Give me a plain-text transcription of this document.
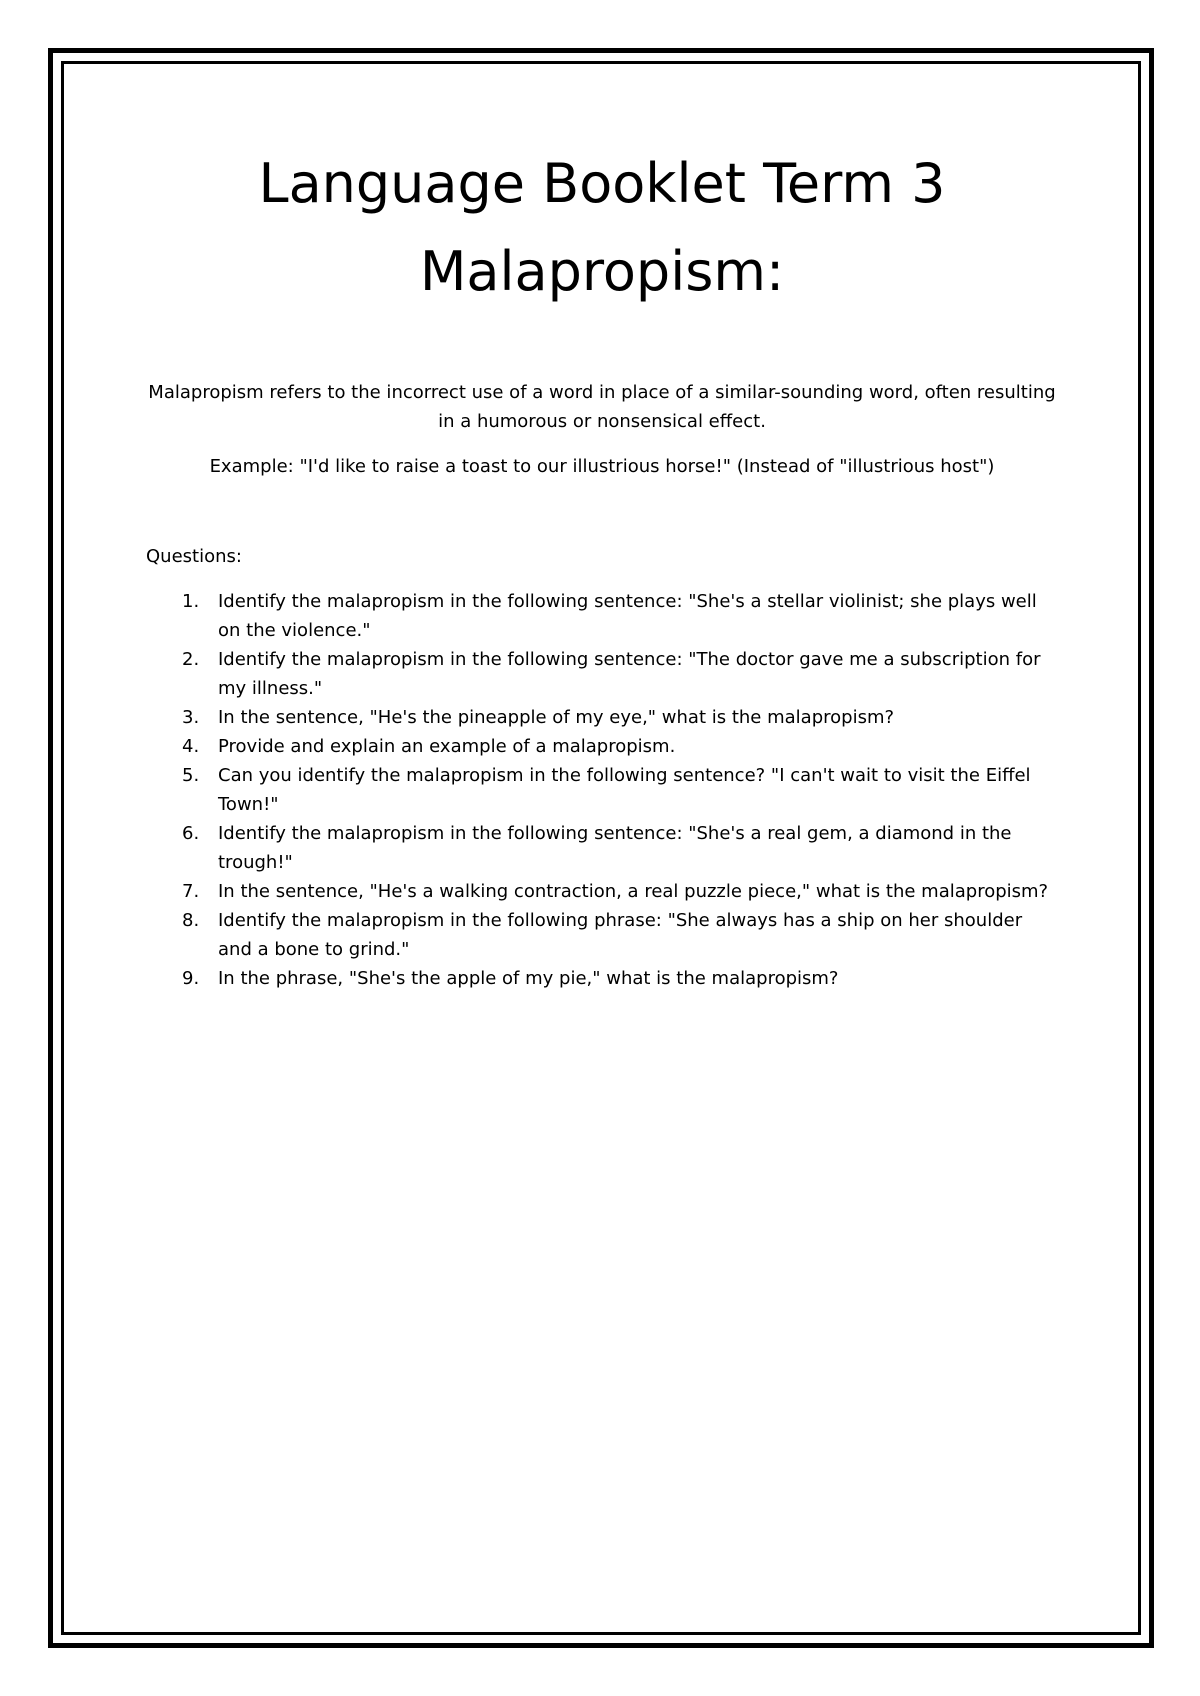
Language Booklet Term 3
Malapropism:

Malapropism refers to the incorrect use of a word in place of a similar-sounding word, often resulting in a humorous or nonsensical effect.

Example: "I'd like to raise a toast to our illustrious horse!" (Instead of "illustrious host")

Questions:

1. Identify the malapropism in the following sentence: "She's a stellar violinist; she plays well on the violence."
2. Identify the malapropism in the following sentence: "The doctor gave me a subscription for my illness."
3. In the sentence, "He's the pineapple of my eye," what is the malapropism?
4. Provide and explain an example of a malapropism.
5. Can you identify the malapropism in the following sentence? "I can't wait to visit the Eiffel Town!"
6. Identify the malapropism in the following sentence: "She's a real gem, a diamond in the trough!"
7. In the sentence, "He's a walking contraction, a real puzzle piece," what is the malapropism?
8. Identify the malapropism in the following phrase: "She always has a ship on her shoulder and a bone to grind."
9. In the phrase, "She's the apple of my pie," what is the malapropism?
